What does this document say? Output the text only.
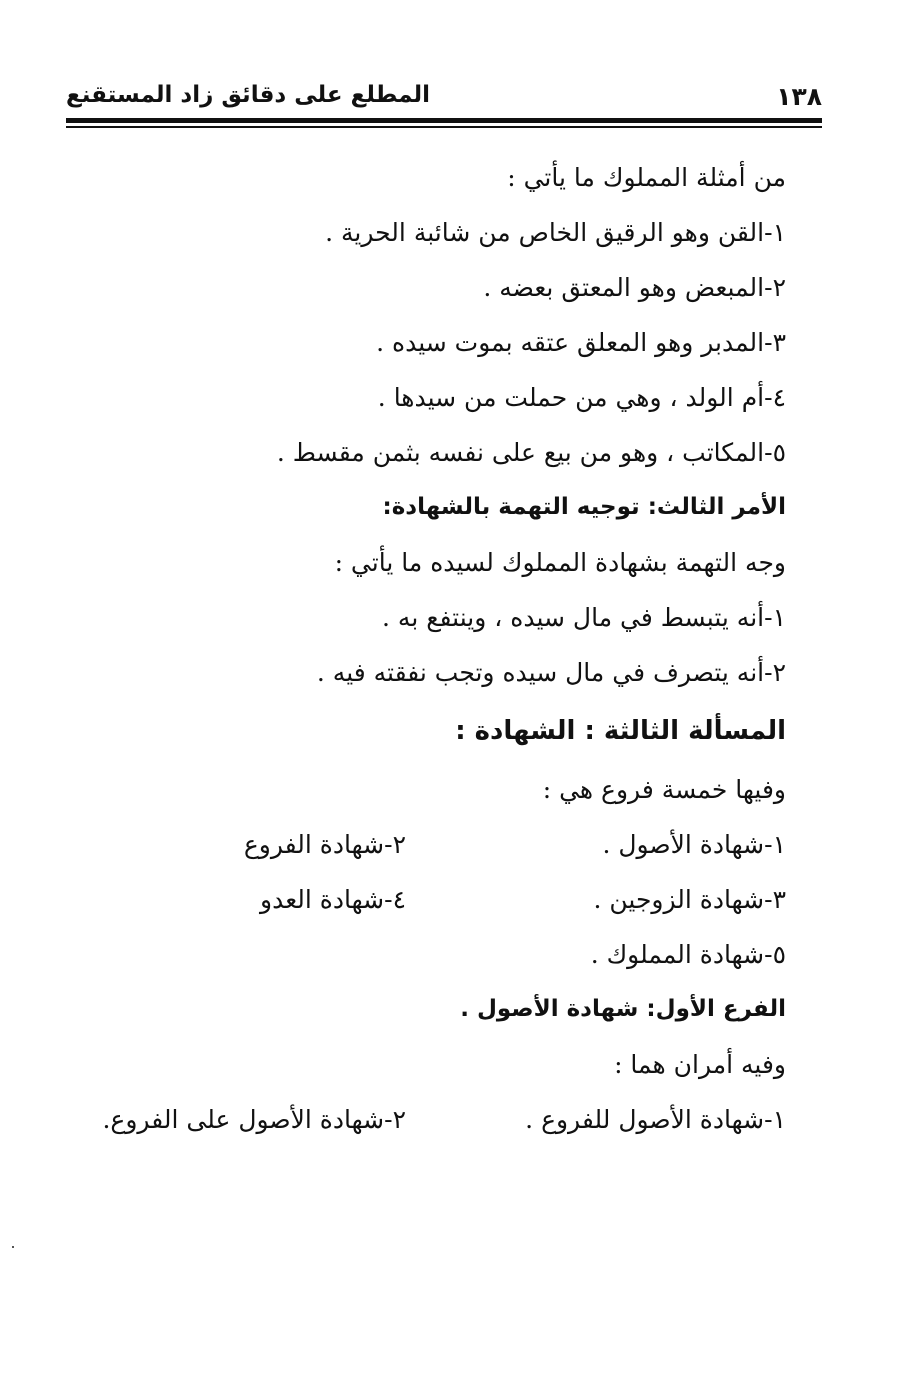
١٣٨
المطلع على دقائق زاد المستقنع
من أمثلة المملوك ما يأتي :
١-القن وهو الرقيق الخاص من شائبة الحرية .
٢-المبعض وهو المعتق بعضه .
٣-المدبر وهو المعلق عتقه بموت سيده .
٤-أم الولد ، وهي من حملت من سيدها .
٥-المكاتب ، وهو من بيع على نفسه بثمن مقسط .
الأمر الثالث: توجيه التهمة بالشهادة:
وجه التهمة بشهادة المملوك لسيده ما يأتي :
١-أنه يتبسط في مال سيده ، وينتفع به .
٢-أنه يتصرف في مال سيده وتجب نفقته فيه .
المسألة الثالثة : الشهادة :
وفيها خمسة فروع هي :
١-شهادة الأصول .
٢-شهادة الفروع
٣-شهادة الزوجين .
٤-شهادة العدو
٥-شهادة المملوك .
الفرع الأول: شهادة الأصول .
وفيه أمران هما :
١-شهادة الأصول للفروع .
٢-شهادة الأصول على الفروع.
